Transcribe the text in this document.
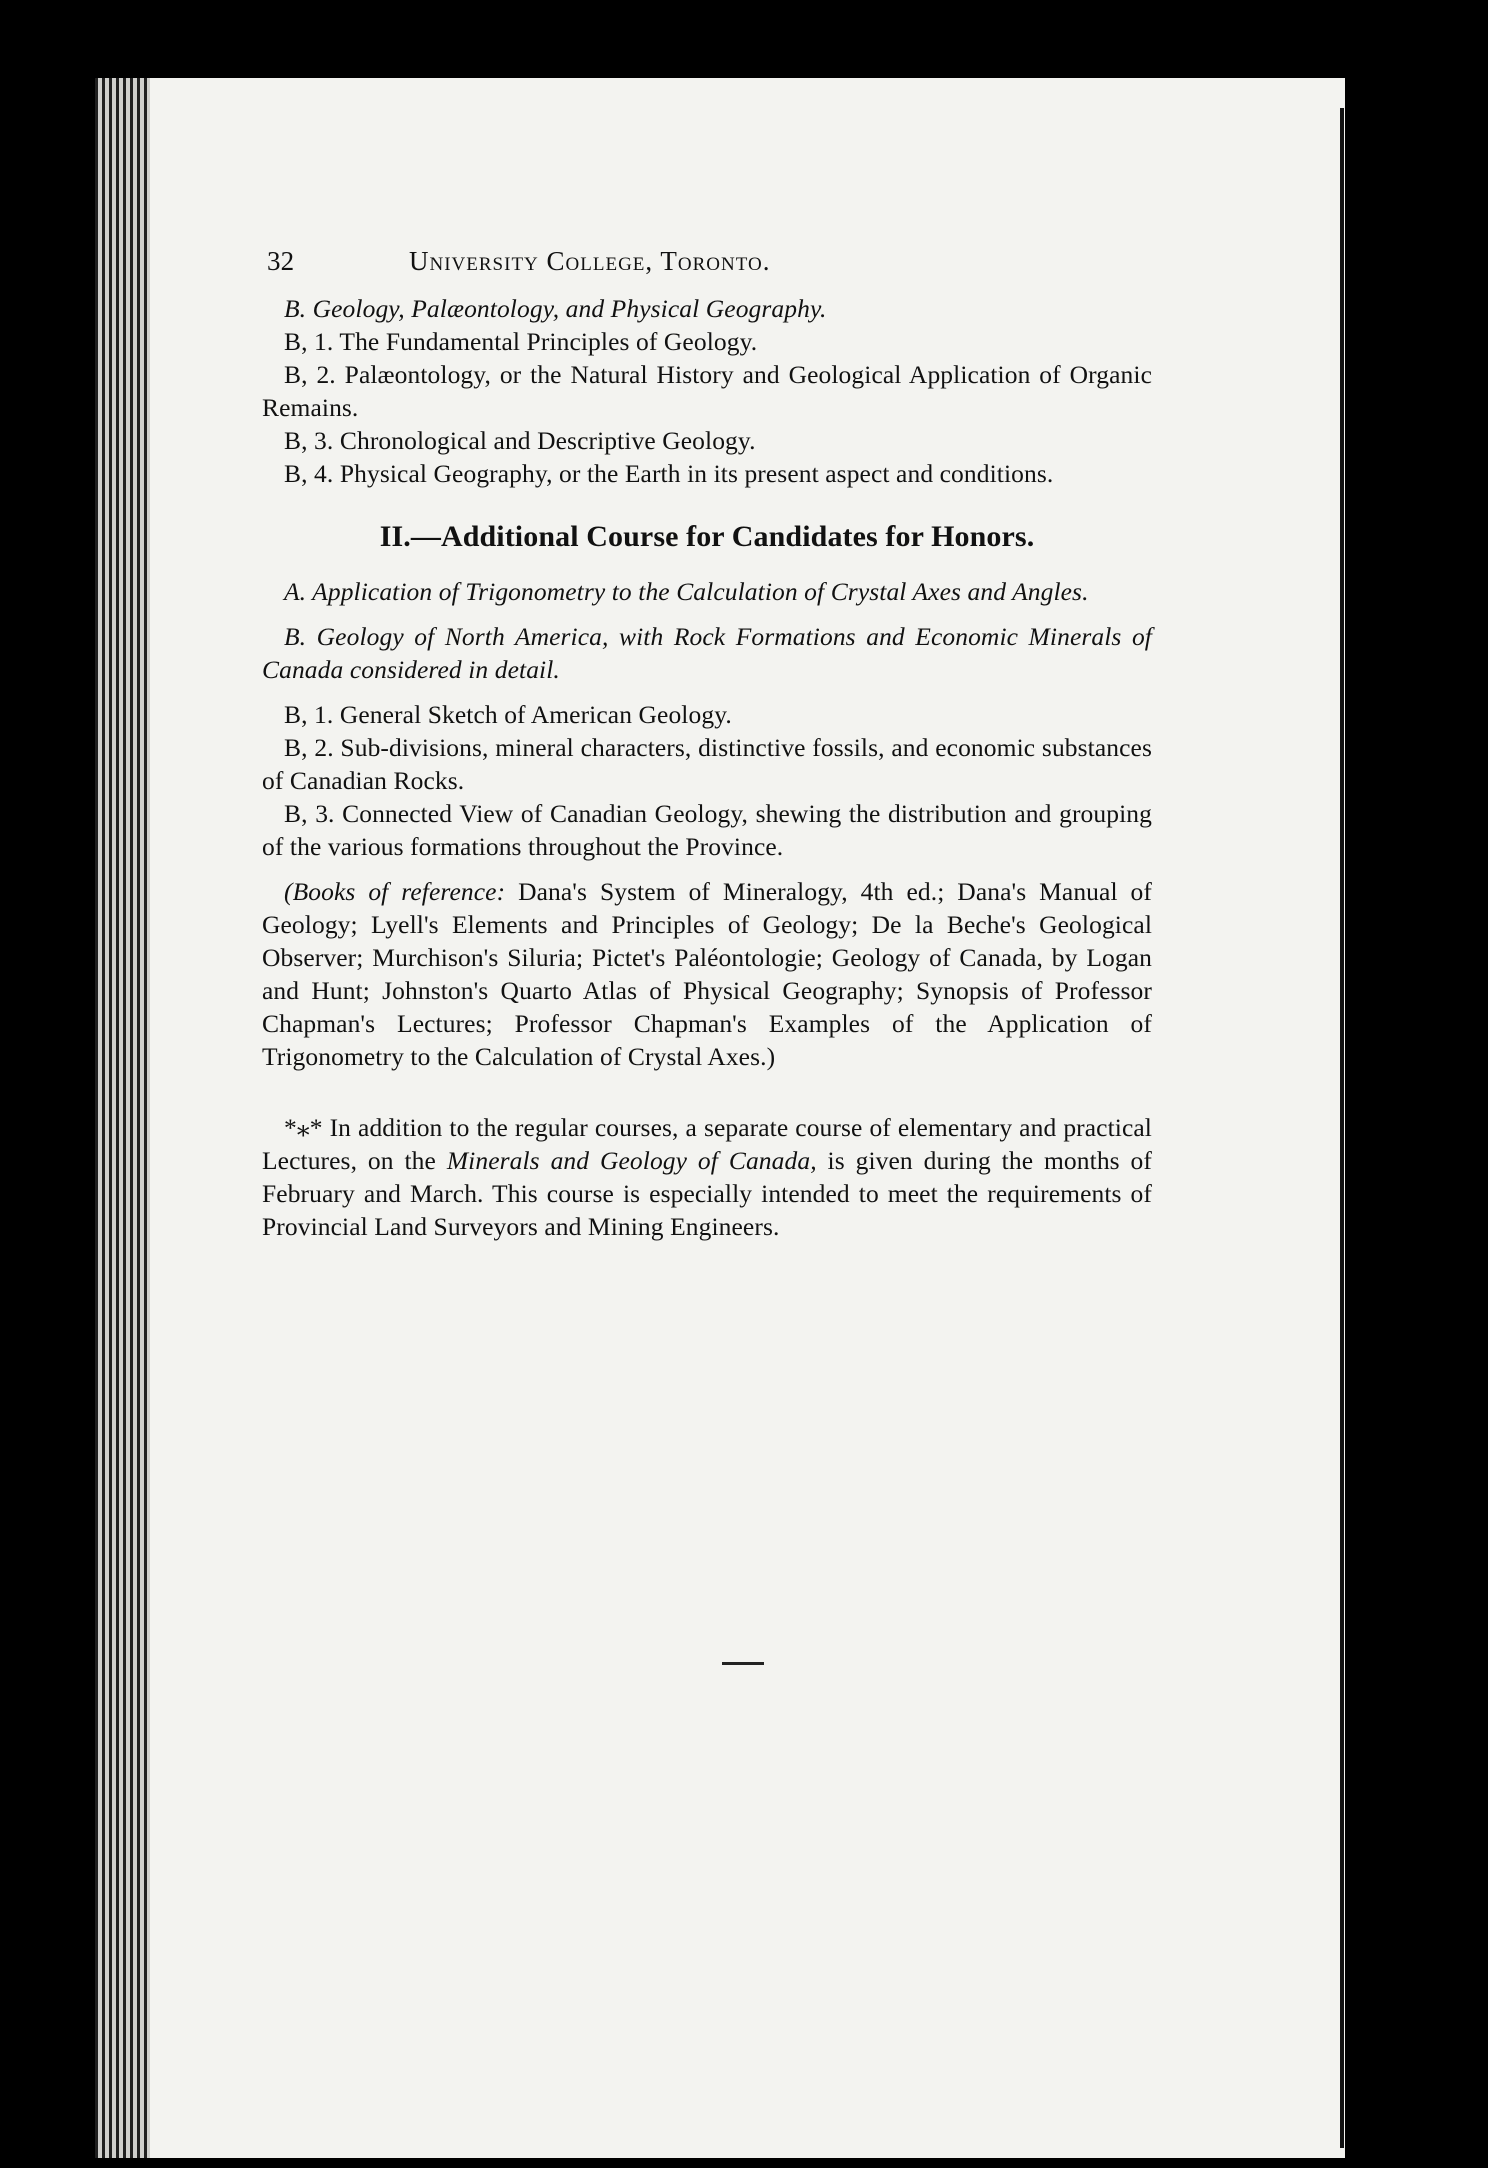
32	University College, Toronto.

B. Geology, Palæontology, and Physical Geography.

B, 1. The Fundamental Principles of Geology.

B, 2. Palæontology, or the Natural History and Geological Application of Organic Remains.

B, 3. Chronological and Descriptive Geology.

B, 4. Physical Geography, or the Earth in its present aspect and conditions.

II.—Additional Course for Candidates for Honors.

A. Application of Trigonometry to the Calculation of Crystal Axes and Angles.

B. Geology of North America, with Rock Formations and Economic Minerals of Canada considered in detail.

B, 1. General Sketch of American Geology.

B, 2. Sub-divisions, mineral characters, distinctive fossils, and economic substances of Canadian Rocks.

B, 3. Connected View of Canadian Geology, shewing the distribution and grouping of the various formations throughout the Province.

(Books of reference: Dana's System of Mineralogy, 4th ed.; Dana's Manual of Geology; Lyell's Elements and Principles of Geology; De la Beche's Geological Observer; Murchison's Siluria; Pictet's Paléontologie; Geology of Canada, by Logan and Hunt; Johnston's Quarto Atlas of Physical Geography; Synopsis of Professor Chapman's Lectures; Professor Chapman's Examples of the Application of Trigonometry to the Calculation of Crystal Axes.)

*⁎* In addition to the regular courses, a separate course of elementary and practical Lectures, on the Minerals and Geology of Canada, is given during the months of February and March. This course is especially intended to meet the requirements of Provincial Land Surveyors and Mining Engineers.
